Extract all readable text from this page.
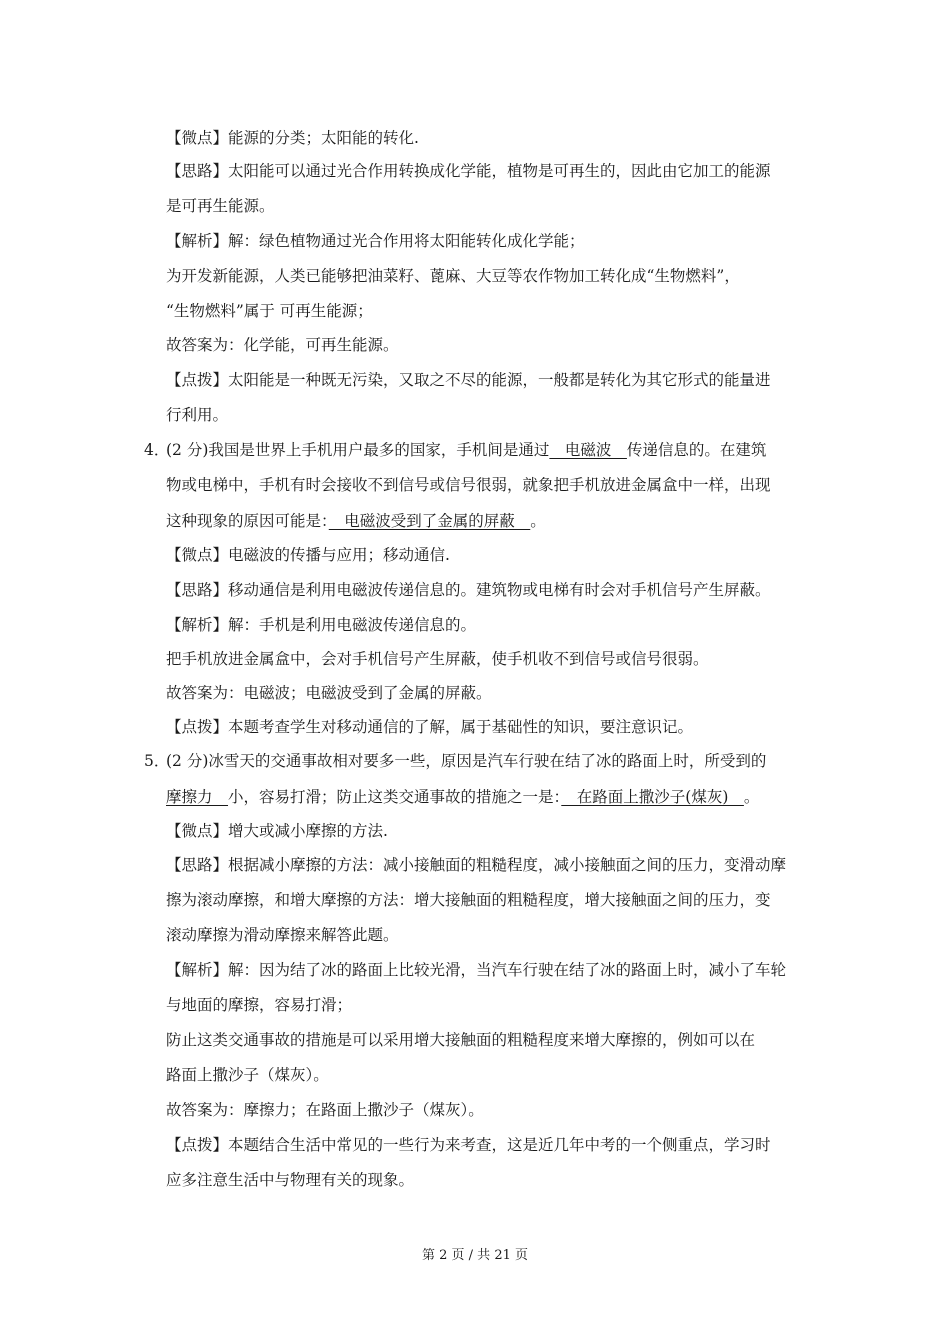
【微点】能源的分类；太阳能的转化.
【思路】太阳能可以通过光合作用转换成化学能，植物是可再生的，因此由它加工的能源
是可再生能源。
【解析】解：绿色植物通过光合作用将太阳能转化成化学能；
为开发新能源，人类已能够把油菜籽、蓖麻、大豆等农作物加工转化成“生物燃料”，
“生物燃料”属于 可再生能源；
故答案为：化学能，可再生能源。
【点拨】太阳能是一种既无污染，又取之不尽的能源，一般都是转化为其它形式的能量进
行利用。
4．
(2 分)我国是世界上手机用户最多的国家，手机间是通过　电磁波　传递信息的。在建筑
物或电梯中，手机有时会接收不到信号或信号很弱，就象把手机放进金属盒中一样，出现
这种现象的原因可能是：　电磁波受到了金属的屏蔽　。
【微点】电磁波的传播与应用；移动通信.
【思路】移动通信是利用电磁波传递信息的。建筑物或电梯有时会对手机信号产生屏蔽。
【解析】解：手机是利用电磁波传递信息的。
把手机放进金属盒中，会对手机信号产生屏蔽，使手机收不到信号或信号很弱。
故答案为：电磁波；电磁波受到了金属的屏蔽。
【点拨】本题考查学生对移动通信的了解，属于基础性的知识，要注意识记。
5．
(2 分)冰雪天的交通事故相对要多一些，原因是汽车行驶在结了冰的路面上时，所受到的
摩擦力　小，容易打滑；防止这类交通事故的措施之一是：　在路面上撒沙子(煤灰)　。
【微点】增大或减小摩擦的方法.
【思路】根据减小摩擦的方法：减小接触面的粗糙程度，减小接触面之间的压力，变滑动摩
擦为滚动摩擦，和增大摩擦的方法：增大接触面的粗糙程度，增大接触面之间的压力，变
滚动摩擦为滑动摩擦来解答此题。
【解析】解：因为结了冰的路面上比较光滑，当汽车行驶在结了冰的路面上时，减小了车轮
与地面的摩擦，容易打滑；
防止这类交通事故的措施是可以采用增大接触面的粗糙程度来增大摩擦的，例如可以在
路面上撒沙子（煤灰）。
故答案为：摩擦力；在路面上撒沙子（煤灰）。
【点拨】本题结合生活中常见的一些行为来考查，这是近几年中考的一个侧重点，学习时
应多注意生活中与物理有关的现象。
第 2 页 / 共 21 页
